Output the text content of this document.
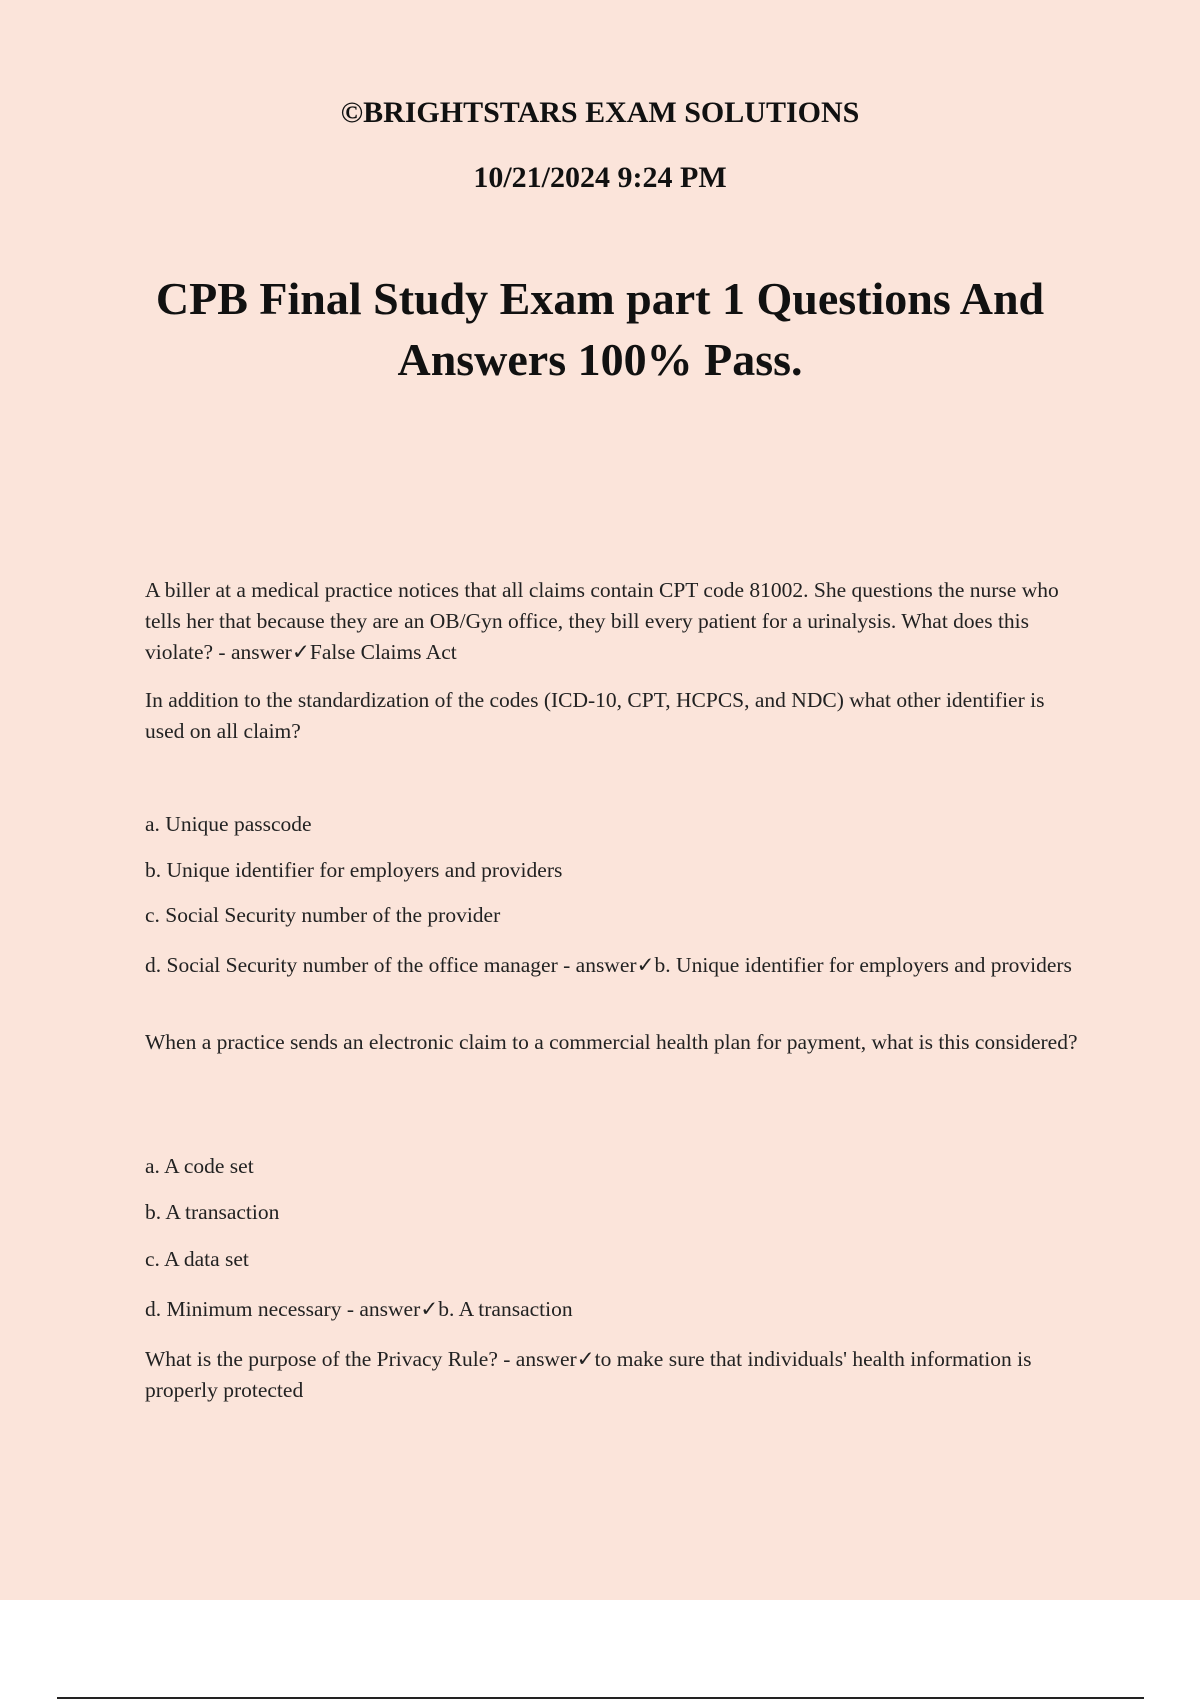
©BRIGHTSTARS EXAM SOLUTIONS
10/21/2024 9:24 PM
CPB Final Study Exam part 1 Questions And
Answers 100% Pass.

A biller at a medical practice notices that all claims contain CPT code 81002. She questions the nurse who tells her that because they are an OB/Gyn office, they bill every patient for a urinalysis. What does this violate? - answer✓False Claims Act

In addition to the standardization of the codes (ICD-10, CPT, HCPCS, and NDC) what other identifier is used on all claim?

a. Unique passcode

b. Unique identifier for employers and providers

c. Social Security number of the provider

d. Social Security number of the office manager - answer✓b. Unique identifier for employers and providers

When a practice sends an electronic claim to a commercial health plan for payment, what is this considered?

a. A code set

b. A transaction

c. A data set

d. Minimum necessary - answer✓b. A transaction

What is the purpose of the Privacy Rule? - answer✓to make sure that individuals' health information is properly protected
